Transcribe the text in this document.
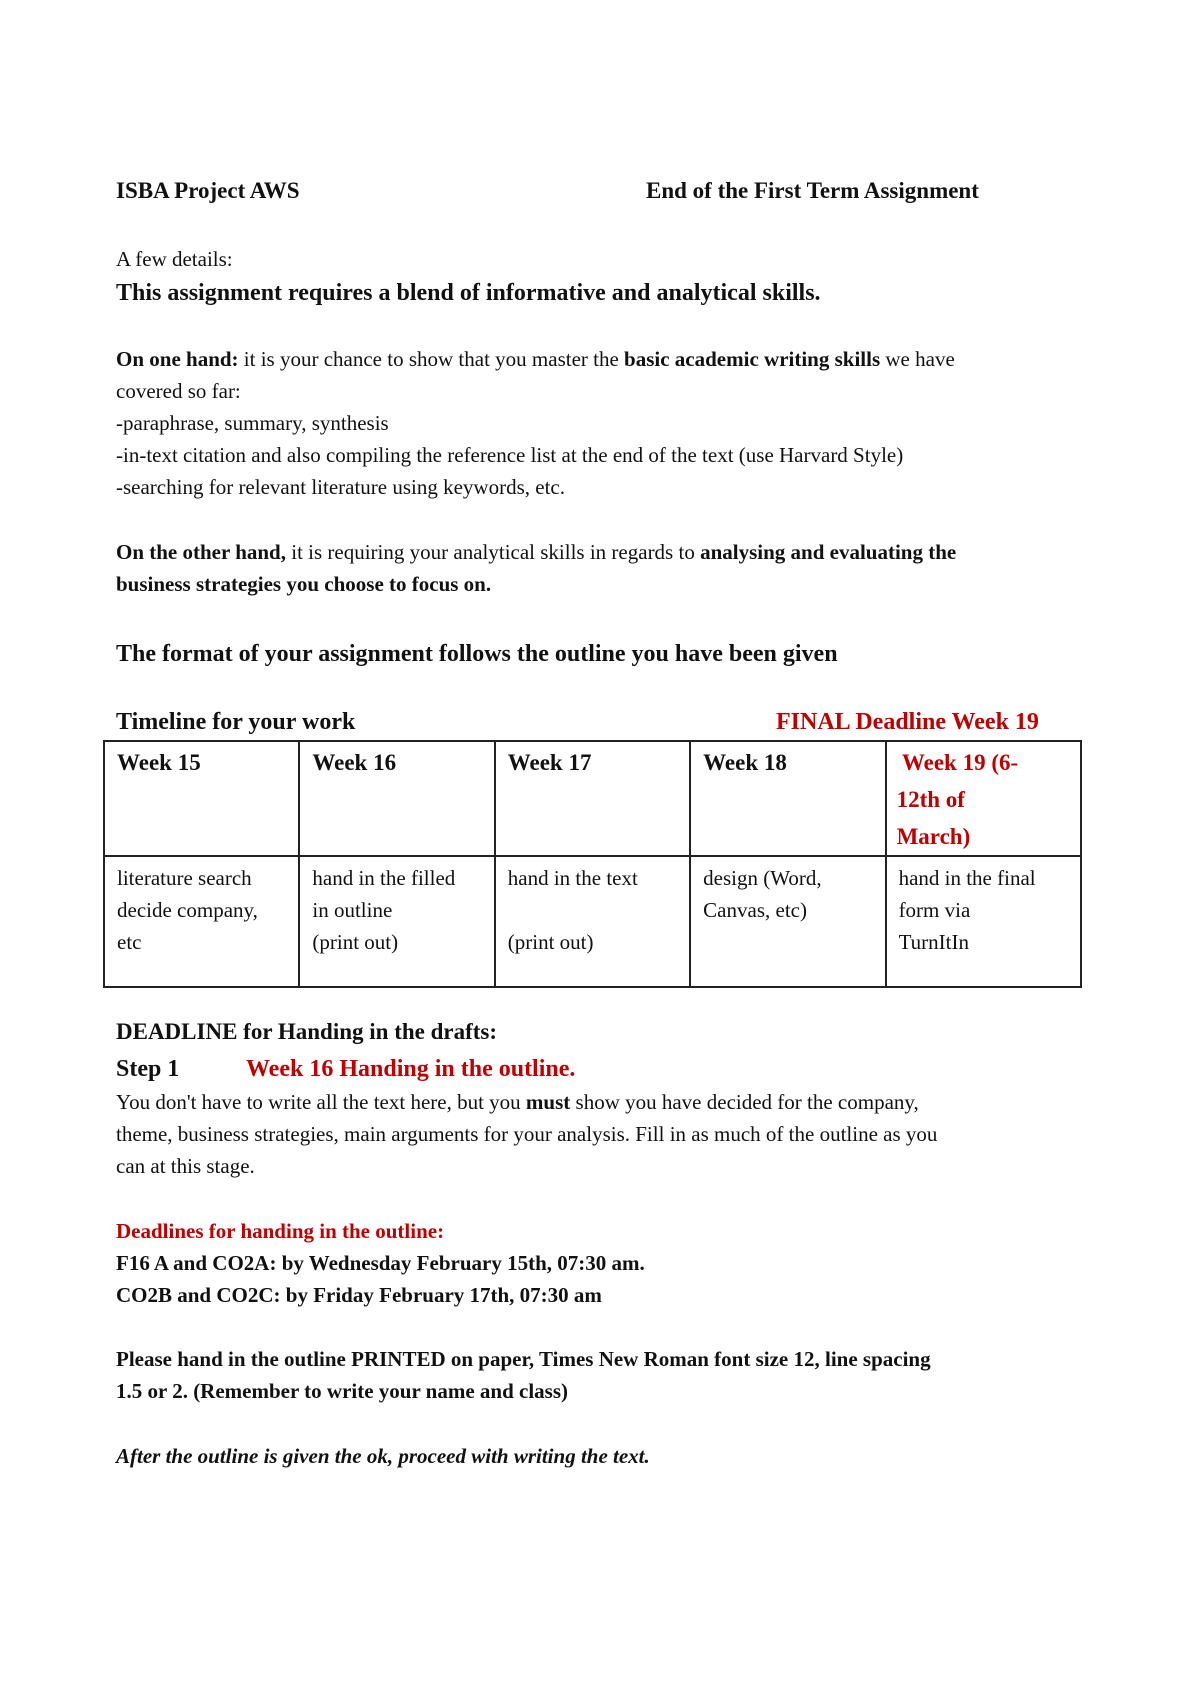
ISBA Project AWS	End of the First Term Assignment
A few details:
This assignment requires a blend of informative and analytical skills.
On one hand: it is your chance to show that you master the basic academic writing skills we have
covered so far:
-paraphrase, summary, synthesis
-in-text citation and also compiling the reference list at the end of the text (use Harvard Style)
-searching for relevant literature using keywords, etc.
On the other hand, it is requiring your analytical skills in regards to analysing and evaluating the
business strategies you choose to focus on.
The format of your assignment follows the outline you have been given
Timeline for your work	FINAL Deadline Week 19
Week 15	Week 16	Week 17	Week 18	Week 19 (6-
12th of
March)

literature search
decide company,
etc	hand in the filled
in outline
(print out)	hand in the text
(print out)	design (Word,
Canvas, etc)	hand in the final
form via
TurnItIn
DEADLINE for Handing in the drafts:
Step 1	Week 16 Handing in the outline.
You don't have to write all the text here, but you must show you have decided for the company,
theme, business strategies, main arguments for your analysis. Fill in as much of the outline as you
can at this stage.
Deadlines for handing in the outline:
F16 A and CO2A: by Wednesday February 15th, 07:30 am.
CO2B and CO2C: by Friday February 17th, 07:30 am
Please hand in the outline PRINTED on paper, Times New Roman font size 12, line spacing
1.5 or 2. (Remember to write your name and class)
After the outline is given the ok, proceed with writing the text.
